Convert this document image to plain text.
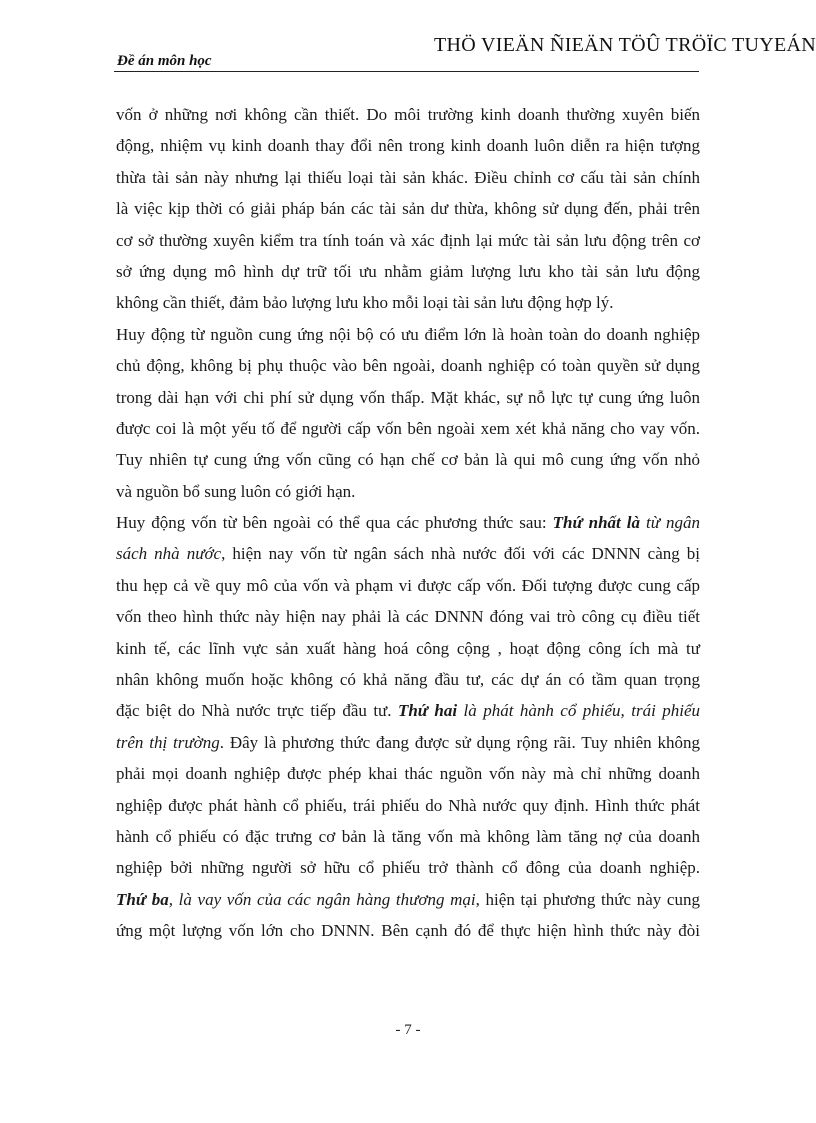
THÖ VIEÄN ÑIEÄN TÖÛ TRÖÏC TUYEÁN
Đề án môn học
vốn ở những nơi không cần thiết. Do môi trường kinh doanh thường xuyên biến
động, nhiệm vụ kinh doanh thay đổi nên trong kinh doanh luôn diễn ra hiện tượng
thừa tài sản này nhưng lại thiếu loại tài sản khác. Điều chỉnh cơ cấu tài sản chính
là việc kịp thời có giải pháp bán các tài sản dư thừa, không sử dụng đến, phải trên
cơ sở thường xuyên kiểm tra tính toán và xác định lại mức tài sản lưu động trên cơ
sở ứng dụng mô hình dự trữ tối ưu nhằm giảm lượng lưu kho tài sản lưu động
không cần thiết, đảm bảo lượng lưu kho mỗi loại tài sản lưu động hợp lý.
Huy động từ nguồn cung ứng nội bộ có ưu điểm lớn là hoàn toàn do doanh nghiệp
chủ động, không bị phụ thuộc vào bên ngoài, doanh nghiệp có toàn quyền sử dụng
trong dài hạn với chi phí sử dụng vốn thấp. Mặt khác, sự nỗ lực tự cung ứng luôn
được coi là một yếu tố để người cấp vốn bên ngoài xem xét khả năng cho vay vốn.
Tuy nhiên tự cung ứng vốn cũng có hạn chế cơ bản là qui mô cung ứng vốn nhỏ
và nguồn bổ sung luôn có giới hạn.
Huy động vốn từ bên ngoài có thể qua các phương thức sau: Thứ nhất là từ ngân
sách nhà nước, hiện nay vốn từ ngân sách nhà nước đối với các DNNN càng bị
thu hẹp cả về quy mô của vốn và phạm vi được cấp vốn. Đối tượng được cung cấp
vốn theo hình thức này hiện nay phải là các DNNN đóng vai trò công cụ điều tiết
kinh tế, các lĩnh vực sản xuất hàng hoá công cộng , hoạt động công ích mà tư
nhân không muốn hoặc không có khả năng đầu tư, các dự án có tầm quan trọng
đặc biệt do Nhà nước trực tiếp đầu tư. Thứ hai là phát hành cổ phiếu, trái phiếu
trên thị trường. Đây là phương thức đang được sử dụng rộng rãi. Tuy nhiên không
phải mọi doanh nghiệp được phép khai thác nguồn vốn này mà chỉ những doanh
nghiệp được phát hành cổ phiếu, trái phiếu do Nhà nước quy định. Hình thức phát
hành cổ phiếu có đặc trưng cơ bản là tăng vốn mà không làm tăng nợ của doanh
nghiệp bởi những người sở hữu cổ phiếu trở thành cổ đông của doanh nghiệp.
Thứ ba, là vay vốn của các ngân hàng thương mại, hiện tại phương thức này cung
ứng một lượng vốn lớn cho DNNN. Bên cạnh đó để thực hiện hình thức này đòi
- 7 -
